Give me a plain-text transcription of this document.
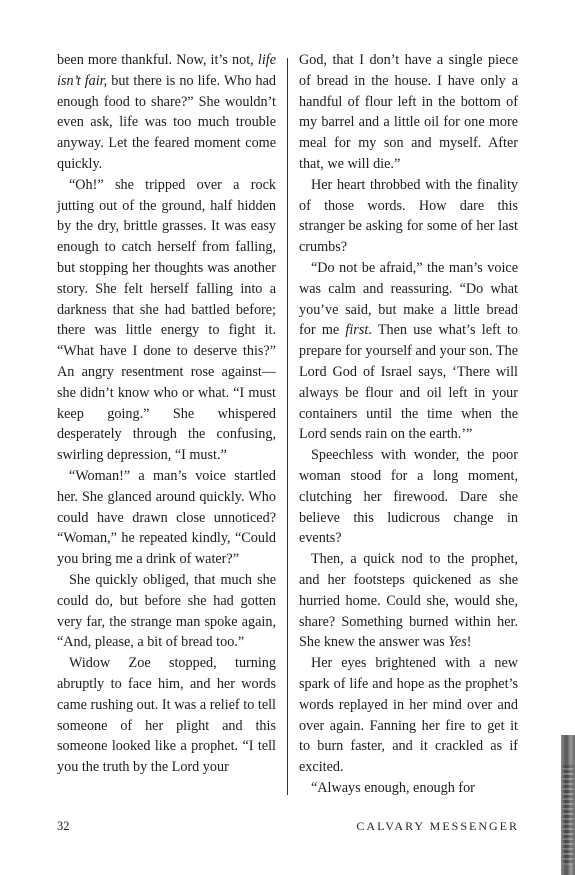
been more thankful. Now, it’s not, life isn’t fair, but there is no life. Who had enough food to share?” She wouldn’t even ask, life was too much trouble anyway. Let the feared moment come quickly.

“Oh!” she tripped over a rock jutting out of the ground, half hidden by the dry, brittle grasses. It was easy enough to catch herself from falling, but stopping her thoughts was another story. She felt herself falling into a darkness that she had battled before; there was little energy to fight it. “What have I done to deserve this?” An angry resentment rose against—she didn’t know who or what. “I must keep going.” She whispered desperately through the confusing, swirling depression, “I must.”

“Woman!” a man’s voice startled her. She glanced around quickly. Who could have drawn close unnoticed? “Woman,” he repeated kindly, “Could you bring me a drink of water?”

She quickly obliged, that much she could do, but before she had gotten very far, the strange man spoke again, “And, please, a bit of bread too.”

Widow Zoe stopped, turning abruptly to face him, and her words came rushing out. It was a relief to tell someone of her plight and this someone looked like a prophet. “I tell you the truth by the Lord your

God, that I don’t have a single piece of bread in the house. I have only a handful of flour left in the bottom of my barrel and a little oil for one more meal for my son and myself. After that, we will die.”

Her heart throbbed with the finality of those words. How dare this stranger be asking for some of her last crumbs?

“Do not be afraid,” the man’s voice was calm and reassuring. “Do what you’ve said, but make a little bread for me first. Then use what’s left to prepare for yourself and your son. The Lord God of Israel says, ‘There will always be flour and oil left in your containers until the time when the Lord sends rain on the earth.’”

Speechless with wonder, the poor woman stood for a long moment, clutching her firewood. Dare she believe this ludicrous change in events?

Then, a quick nod to the prophet, and her footsteps quickened as she hurried home. Could she, would she, share? Something burned within her. She knew the answer was Yes!

Her eyes brightened with a new spark of life and hope as the prophet’s words replayed in her mind over and over again. Fanning her fire to get it to burn faster, and it crackled as if excited.

“Always enough, enough for

32	CALVARY MESSENGER
